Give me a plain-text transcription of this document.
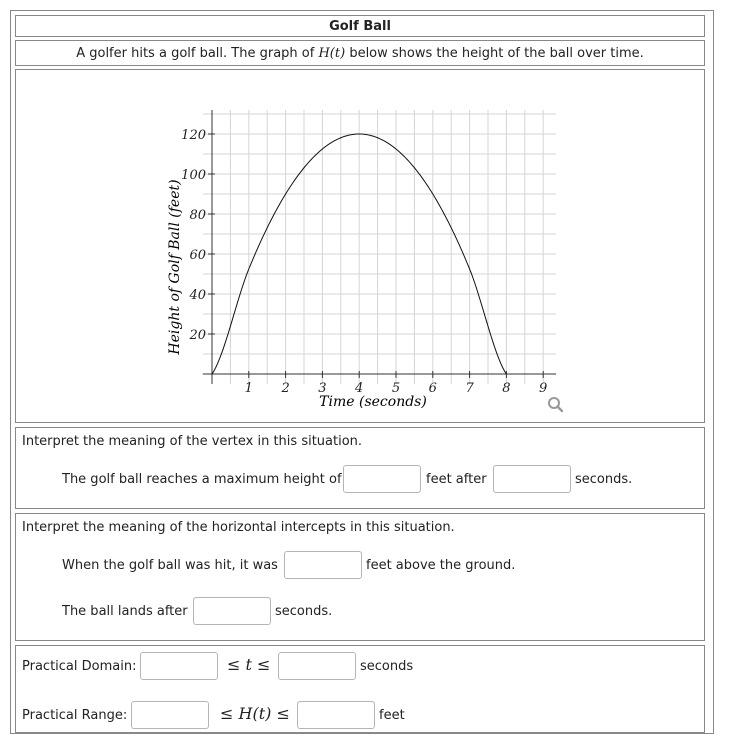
Golf Ball
A golfer hits a golf ball. The graph of H(t) below shows the height of the ball over time.
1 2 3 4 5 6 7 8 9
20
40
60
80
100
120
Time (seconds)
Height of Golf Ball (feet)
Interpret the meaning of the vertex in this situation.
The golf ball reaches a maximum height of	feet after	seconds.
Interpret the meaning of the horizontal intercepts in this situation.
When the golf ball was hit, it was	feet above the ground.
The ball lands after	seconds.
Practical Domain:	≤ t ≤	seconds
Practical Range:	≤ H(t) ≤	feet
